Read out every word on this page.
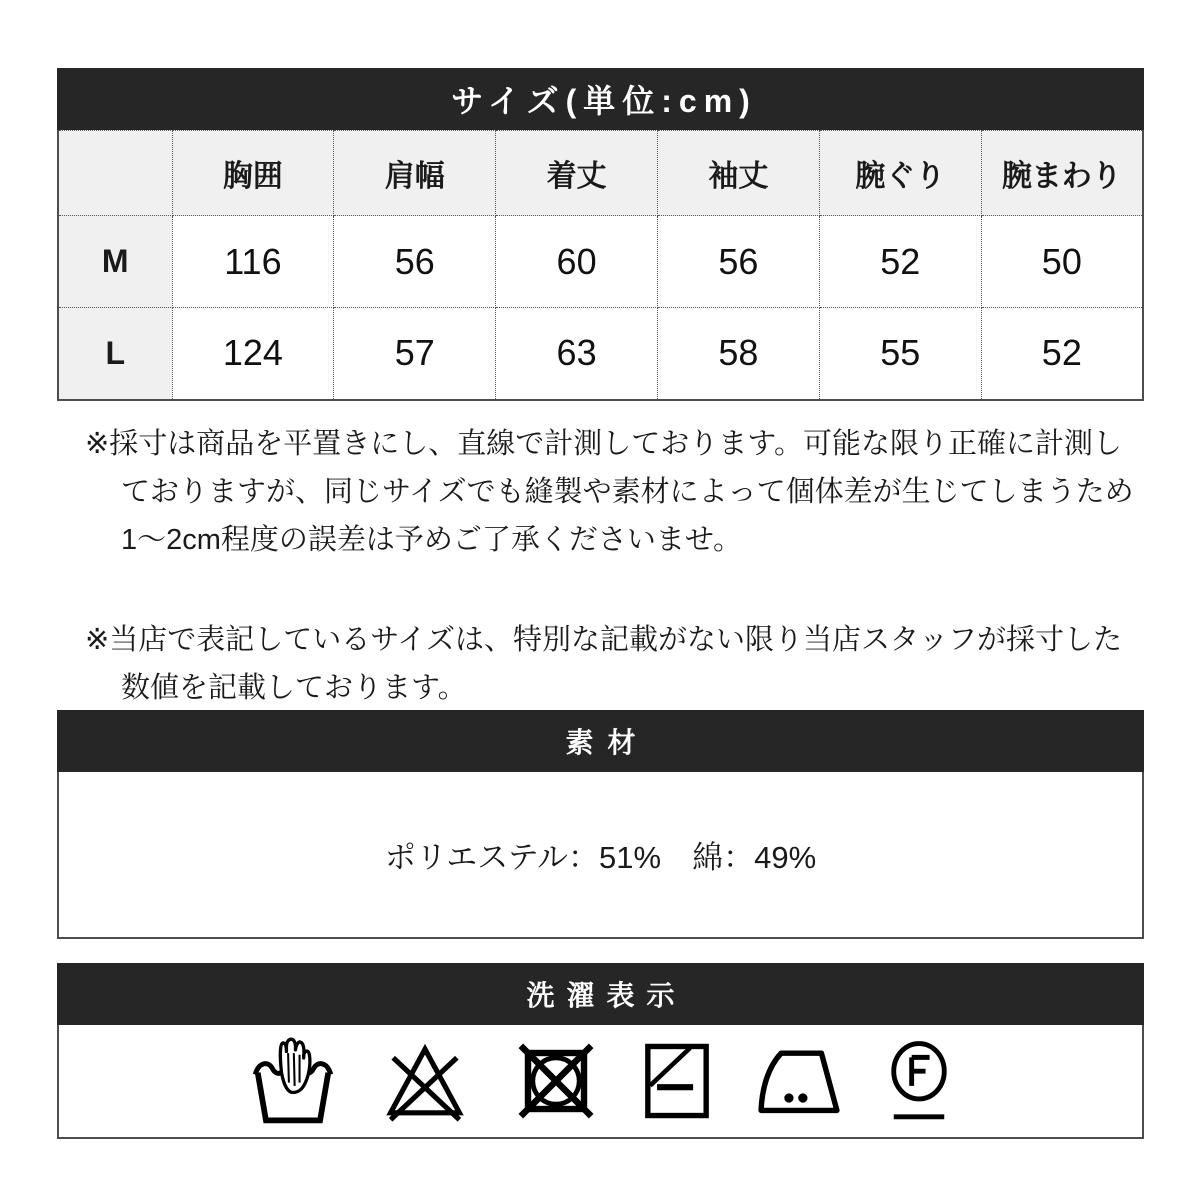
サイズ(単位:cm)
	胸囲	肩幅	着丈	袖丈	腕ぐり	腕まわり
M	116	56	60	56	52	50
L	124	57	63	58	55	52
※採寸は商品を平置きにし、直線で計測しております。可能な限り正確に計測し
ておりますが、同じサイズでも縫製や素材によって個体差が生じてしまうため
1〜2cm程度の誤差は予めご了承くださいませ。
※当店で表記しているサイズは、特別な記載がない限り当店スタッフが採寸した
数値を記載しております。
素材
ポリエステル：51%　綿：49%
洗濯表示
